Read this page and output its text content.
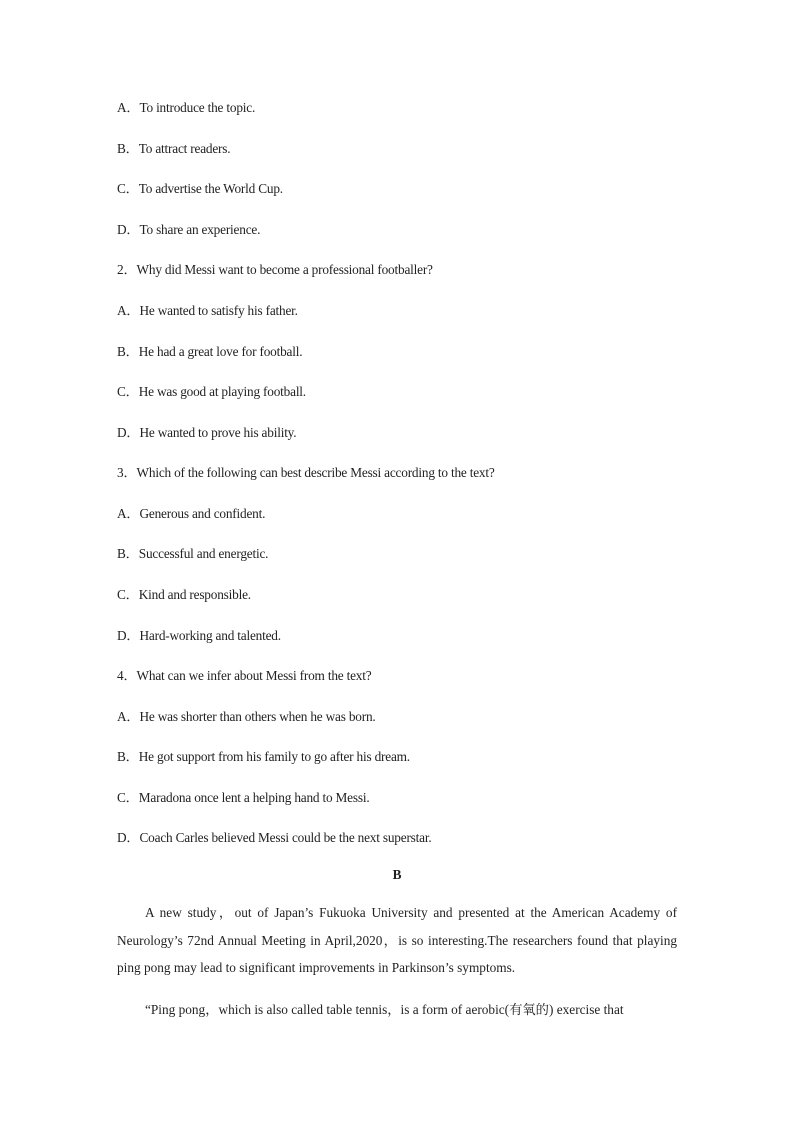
A．To introduce the topic.
B．To attract readers.
C．To advertise the World Cup.
D．To share an experience.
2．Why did Messi want to become a professional footballer?
A．He wanted to satisfy his father.
B．He had a great love for football.
C．He was good at playing football.
D．He wanted to prove his ability.
3．Which of the following can best describe Messi according to the text?
A．Generous and confident.
B．Successful and energetic.
C．Kind and responsible.
D．Hard-working and talented.
4．What can we infer about Messi from the text?
A．He was shorter than others when he was born.
B．He got support from his family to go after his dream.
C．Maradona once lent a helping hand to Messi.
D．Coach Carles believed Messi could be the next superstar.
B

A new study，out of Japan’s Fukuoka University and presented at the American Academy of Neurology’s 72nd Annual Meeting in April,2020，is so interesting.The researchers found that playing ping pong may lead to significant improvements in Parkinson’s symptoms.

“Ping pong，which is also called table tennis，is a form of aerobic(有氧的) exercise that
